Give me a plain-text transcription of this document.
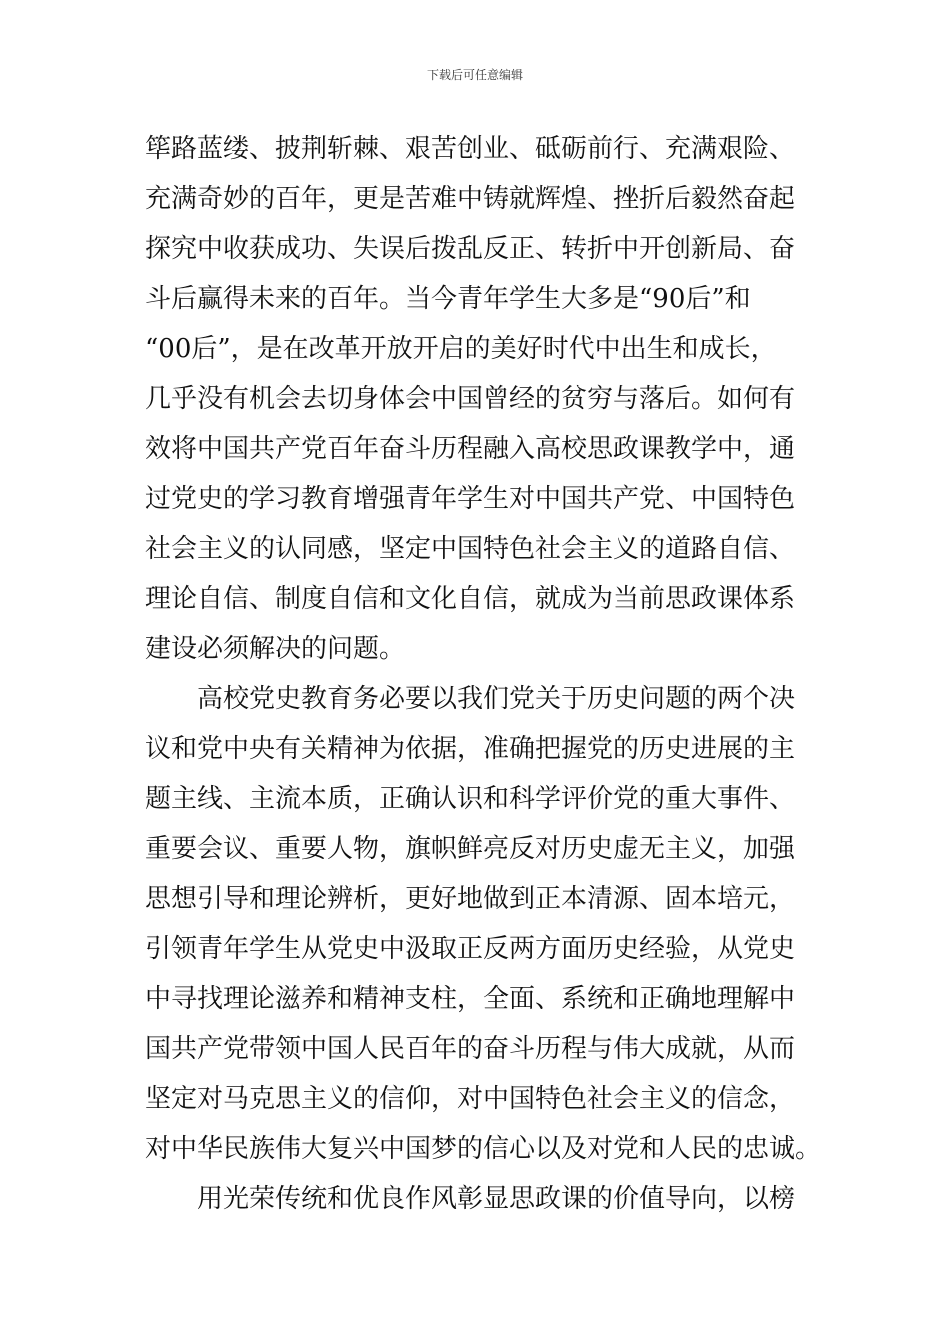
下载后可任意编辑
筚路蓝缕、披荆斩棘、艰苦创业、砥砺前行、充满艰险、
充满奇妙的百年，更是苦难中铸就辉煌、挫折后毅然奋起
探究中收获成功、失误后拨乱反正、转折中开创新局、奋
斗后赢得未来的百年。当今青年学生大多是“90后”和
“00后”，是在改革开放开启的美好时代中出生和成长，
几乎没有机会去切身体会中国曾经的贫穷与落后。如何有
效将中国共产党百年奋斗历程融入高校思政课教学中，通
过党史的学习教育增强青年学生对中国共产党、中国特色
社会主义的认同感，坚定中国特色社会主义的道路自信、
理论自信、制度自信和文化自信，就成为当前思政课体系
建设必须解决的问题。
高校党史教育务必要以我们党关于历史问题的两个决
议和党中央有关精神为依据，准确把握党的历史进展的主
题主线、主流本质，正确认识和科学评价党的重大事件、
重要会议、重要人物，旗帜鲜亮反对历史虚无主义，加强
思想引导和理论辨析，更好地做到正本清源、固本培元，
引领青年学生从党史中汲取正反两方面历史经验，从党史
中寻找理论滋养和精神支柱，全面、系统和正确地理解中
国共产党带领中国人民百年的奋斗历程与伟大成就，从而
坚定对马克思主义的信仰，对中国特色社会主义的信念，
对中华民族伟大复兴中国梦的信心以及对党和人民的忠诚。
用光荣传统和优良作风彰显思政课的价值导向，以榜
